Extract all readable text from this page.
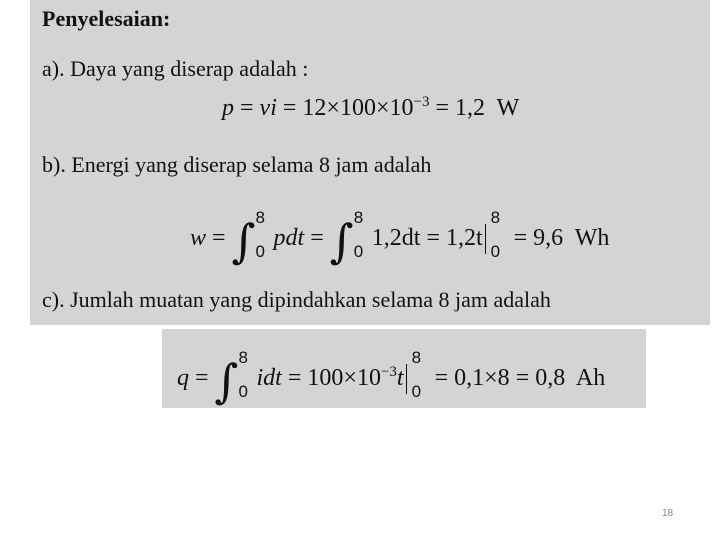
Penyelesaian:
a). Daya yang diserap adalah :
p = vi = $12\times 100\times 10^{-3} = 1,2$ W
b). Energi yang diserap selama 8 jam adalah
w = ∫ 8
0
pdt = ∫ 8
0
1,2dt = 1,2t
8
0
= 9,6 Wh
c). Jumlah muatan yang dipindahkan selama 8 jam adalah
q = ∫ 8
0
idt = $100\times 10^{-3}t$
8
0
= 0,1×8 = 0,8 Ah
18
